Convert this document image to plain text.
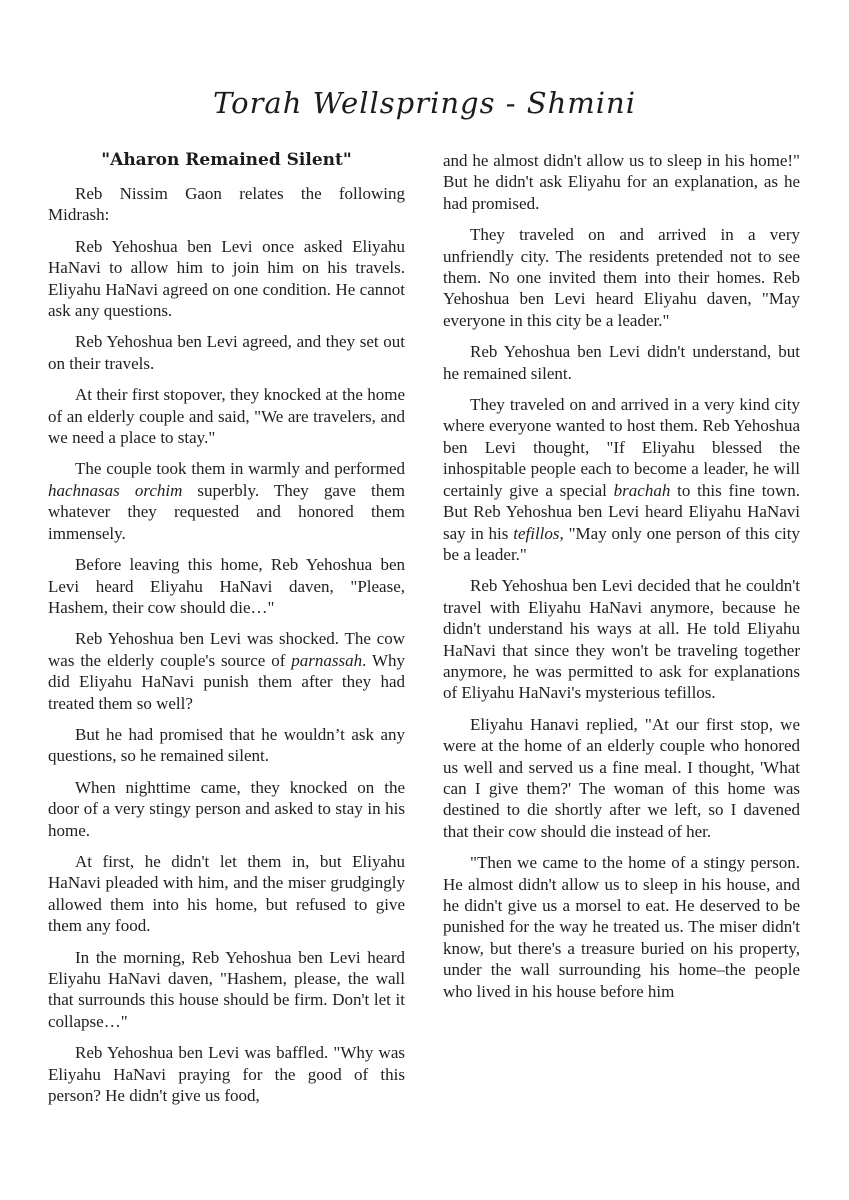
Torah Wellsprings - Shmini
"Aharon Remained Silent"

Reb Nissim Gaon relates the following Midrash:

Reb Yehoshua ben Levi once asked Eliyahu HaNavi to allow him to join him on his travels. Eliyahu HaNavi agreed on one condition. He cannot ask any questions.

Reb Yehoshua ben Levi agreed, and they set out on their travels.

At their first stopover, they knocked at the home of an elderly couple and said, "We are travelers, and we need a place to stay."

The couple took them in warmly and performed hachnasas orchim superbly. They gave them whatever they requested and honored them immensely.

Before leaving this home, Reb Yehoshua ben Levi heard Eliyahu HaNavi daven, "Please, Hashem, their cow should die…"

Reb Yehoshua ben Levi was shocked. The cow was the elderly couple's source of parnassah. Why did Eliyahu HaNavi punish them after they had treated them so well?

But he had promised that he wouldn’t ask any questions, so he remained silent.

When nighttime came, they knocked on the door of a very stingy person and asked to stay in his home.

At first, he didn't let them in, but Eliyahu HaNavi pleaded with him, and the miser grudgingly allowed them into his home, but refused to give them any food.

In the morning, Reb Yehoshua ben Levi heard Eliyahu HaNavi daven, "Hashem, please, the wall that surrounds this house should be firm. Don't let it collapse…"

Reb Yehoshua ben Levi was baffled. "Why was Eliyahu HaNavi praying for the good of this person? He didn't give us food,

and he almost didn't allow us to sleep in his home!" But he didn't ask Eliyahu for an explanation, as he had promised.

They traveled on and arrived in a very unfriendly city. The residents pretended not to see them. No one invited them into their homes. Reb Yehoshua ben Levi heard Eliyahu daven, "May everyone in this city be a leader."

Reb Yehoshua ben Levi didn't understand, but he remained silent.

They traveled on and arrived in a very kind city where everyone wanted to host them. Reb Yehoshua ben Levi thought, "If Eliyahu blessed the inhospitable people each to become a leader, he will certainly give a special brachah to this fine town. But Reb Yehoshua ben Levi heard Eliyahu HaNavi say in his tefillos, "May only one person of this city be a leader."

Reb Yehoshua ben Levi decided that he couldn't travel with Eliyahu HaNavi anymore, because he didn't understand his ways at all. He told Eliyahu HaNavi that since they won't be traveling together anymore, he was permitted to ask for explanations of Eliyahu HaNavi's mysterious tefillos.

Eliyahu Hanavi replied, "At our first stop, we were at the home of an elderly couple who honored us well and served us a fine meal. I thought, 'What can I give them?' The woman of this home was destined to die shortly after we left, so I davened that their cow should die instead of her.

"Then we came to the home of a stingy person. He almost didn't allow us to sleep in his house, and he didn't give us a morsel to eat. He deserved to be punished for the way he treated us. The miser didn't know, but there's a treasure buried on his property, under the wall surrounding his home–the people who lived in his house before him
